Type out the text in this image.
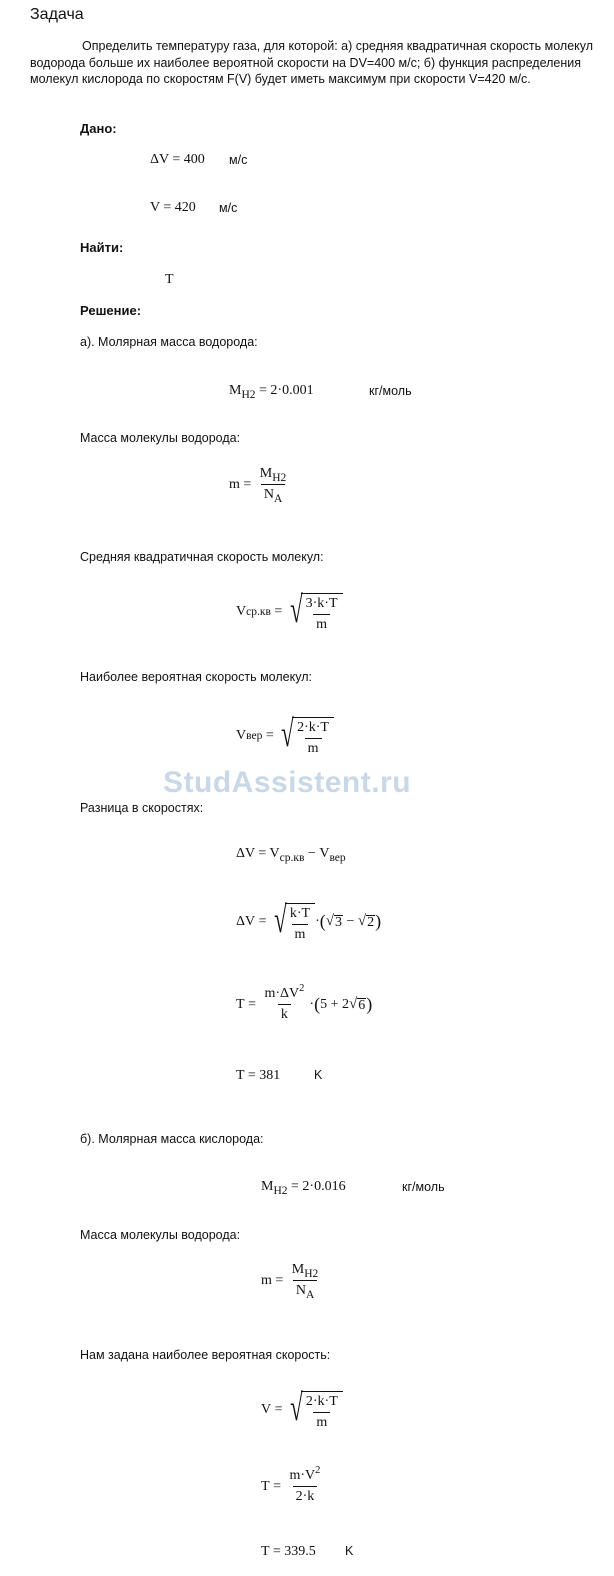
Задача
Определить температуру газа, для которой: а) средняя квадратичная скорость молекул водорода больше их наиболее вероятной скорости на DV=400 м/с; б) функция распределения молекул кислорода по скоростям F(V) будет иметь максимум при скорости V=420 м/с.
Дано:
ΔV = 400 м/с
V = 420 м/с
Найти:
T
Решение:
а). Молярная масса водорода:
$M_{H2} = 2\cdot 0.001$	кг/моль
Масса молекулы водорода:
m
=
$\frac{M_{H2}}{N_A}$
Средняя квадратичная скорость молекул:
V ср.кв
=
√ $\frac{3\cdot k\cdot T}{m}$
Наиболее вероятная скорость молекул:
V вер
=
√ $\frac{2\cdot k\cdot T}{m}$
StudAssistent.ru
Разница в скоростях:
$\Delta V = V_{ср.кв} - V_{вер}$
ΔV
=
√ $\frac{k\cdot T}{m}$ · ( √ 3
−
√ 2 )
T
=
$\frac{m\cdot\Delta V^2}{k}$ · ( 5
+
2 √ 6 )
T = 381	K
б). Молярная масса кислорода:
$M_{H2} = 2\cdot 0.016$	кг/моль
Масса молекулы водорода:
m
=
$\frac{M_{H2}}{N_A}$
Нам задана наиболее вероятная скорость:
V
=
√ $\frac{2\cdot k\cdot T}{m}$
T
=
$\frac{m\cdot V^2}{2\cdot k}$
T = 339.5 K
